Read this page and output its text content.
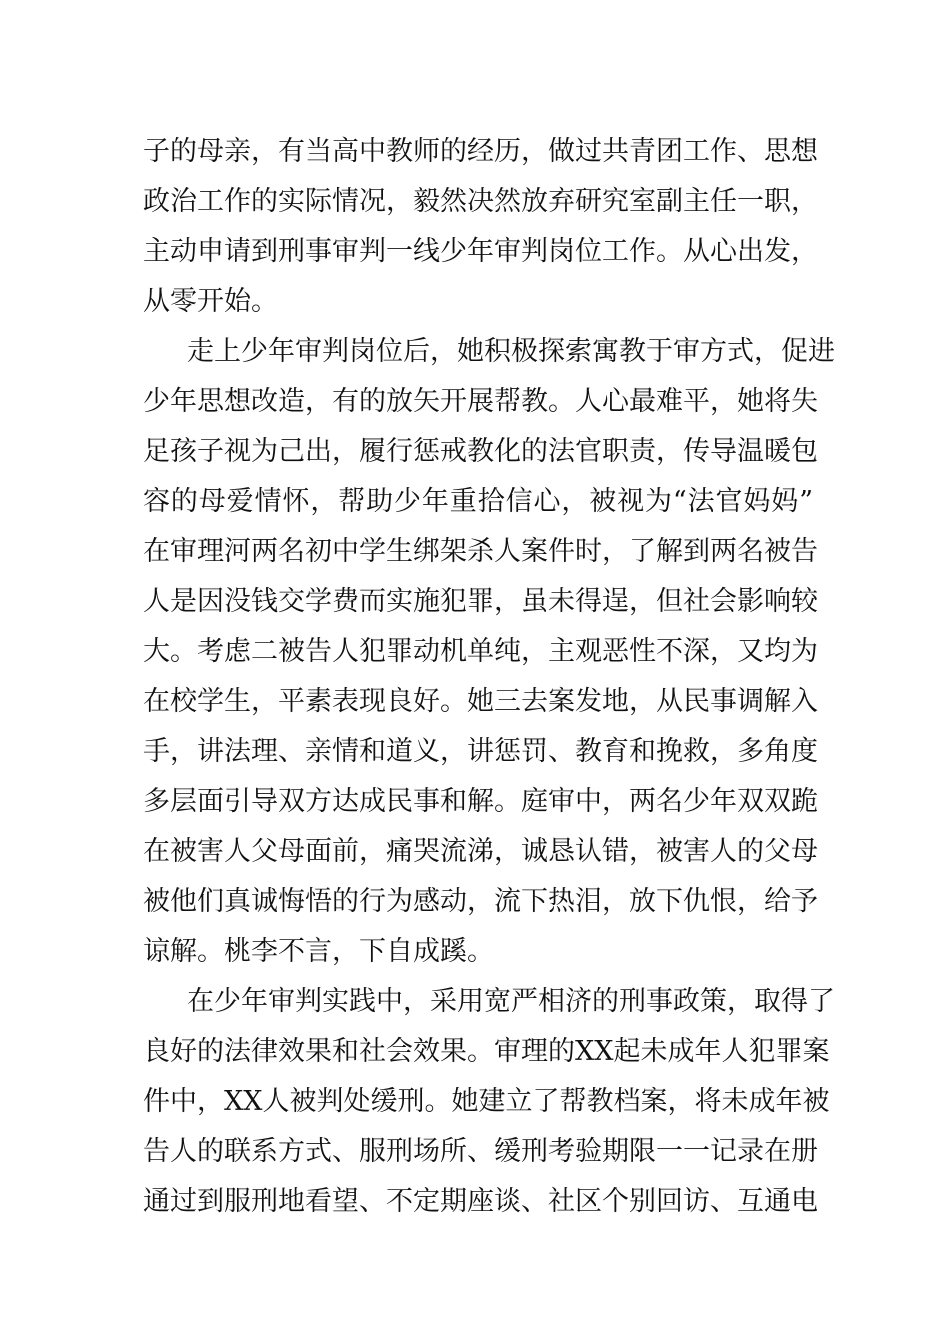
子的母亲，有当高中教师的经历，做过共青团工作、思想
政治工作的实际情况，毅然决然放弃研究室副主任一职，
主动申请到刑事审判一线少年审判岗位工作。从心出发，
从零开始。
走上少年审判岗位后，她积极探索寓教于审方式，促进
少年思想改造，有的放矢开展帮教。人心最难平，她将失
足孩子视为己出，履行惩戒教化的法官职责，传导温暖包
容的母爱情怀，帮助少年重拾信心，被视为“法官妈妈”
在审理河两名初中学生绑架杀人案件时，了解到两名被告
人是因没钱交学费而实施犯罪，虽未得逞，但社会影响较
大。考虑二被告人犯罪动机单纯，主观恶性不深，又均为
在校学生，平素表现良好。她三去案发地，从民事调解入
手，讲法理、亲情和道义，讲惩罚、教育和挽救，多角度
多层面引导双方达成民事和解。庭审中，两名少年双双跪
在被害人父母面前，痛哭流涕，诚恳认错，被害人的父母
被他们真诚悔悟的行为感动，流下热泪，放下仇恨，给予
谅解。桃李不言，下自成蹊。
在少年审判实践中，采用宽严相济的刑事政策，取得了
良好的法律效果和社会效果。审理的XX起未成年人犯罪案
件中，XX人被判处缓刑。她建立了帮教档案，将未成年被
告人的联系方式、服刑场所、缓刑考验期限一一记录在册
通过到服刑地看望、不定期座谈、社区个别回访、互通电
